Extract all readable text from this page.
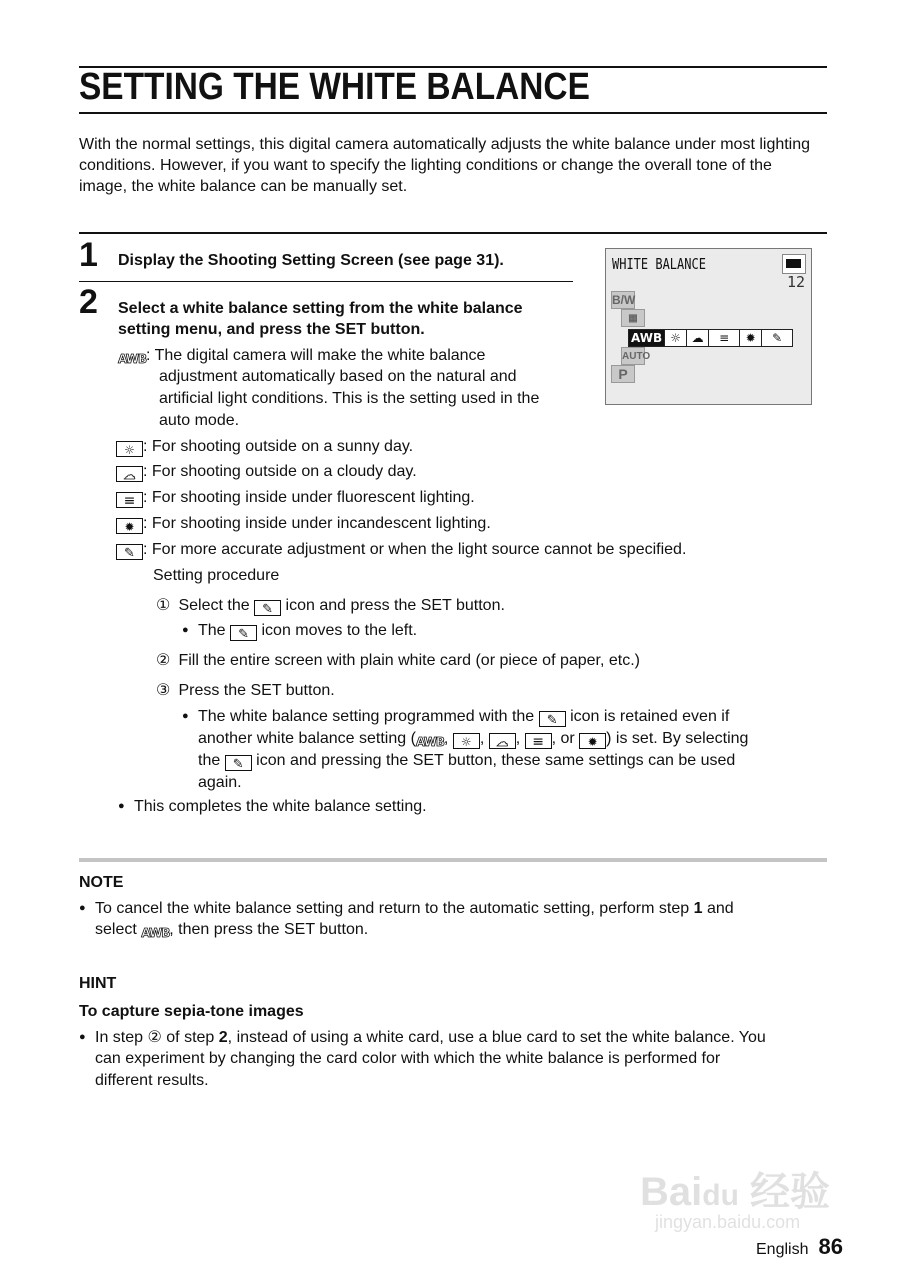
SETTING THE WHITE BALANCE
With the normal settings, this digital camera automatically adjusts the white balance under most lighting conditions. However, if you want to specify the lighting conditions or change the overall tone of the image, the white balance can be manually set.
1 Display the Shooting Setting Screen (see page 31).
2 Select a white balance setting from the white balance
setting menu, and press the SET button.
AWB: The digital camera will make the white balance
adjustment automatically based on the natural and
artificial light conditions. This is the setting used in the
auto mode.
☼: For shooting outside on a sunny day.
☁: For shooting outside on a cloudy day.
≡: For shooting inside under fluorescent lighting.
✹: For shooting inside under incandescent lighting.
✎: For more accurate adjustment or when the light source cannot be specified.
Setting procedure
① Select the ✎ icon and press the SET button.
●The ✎ icon moves to the left.
② Fill the entire screen with plain white card (or piece of paper, etc.)
③ Press the SET button.
●The white balance setting programmed with the ✎ icon is retained even if
another white balance setting ( AWB , ☼, ☁, ≡, or ✹) is set. By selecting
the ✎ icon and pressing the SET button, these same settings can be used
again.
●This completes the white balance setting.
WHITE BALANCE
12
B/W
▦
AWB ☼ ☁	≡	✹	✎
AUTO
P
NOTE
●To cancel the white balance setting and return to the automatic setting, perform step 1 and
select AWB , then press the SET button.
HINT
To capture sepia-tone images
●In step ② of step 2, instead of using a white card, use a blue card to set the white balance. You
can experiment by changing the card color with which the white balance is performed for
different results.
Baidu 经验
jingyan.baidu.com
English 86
